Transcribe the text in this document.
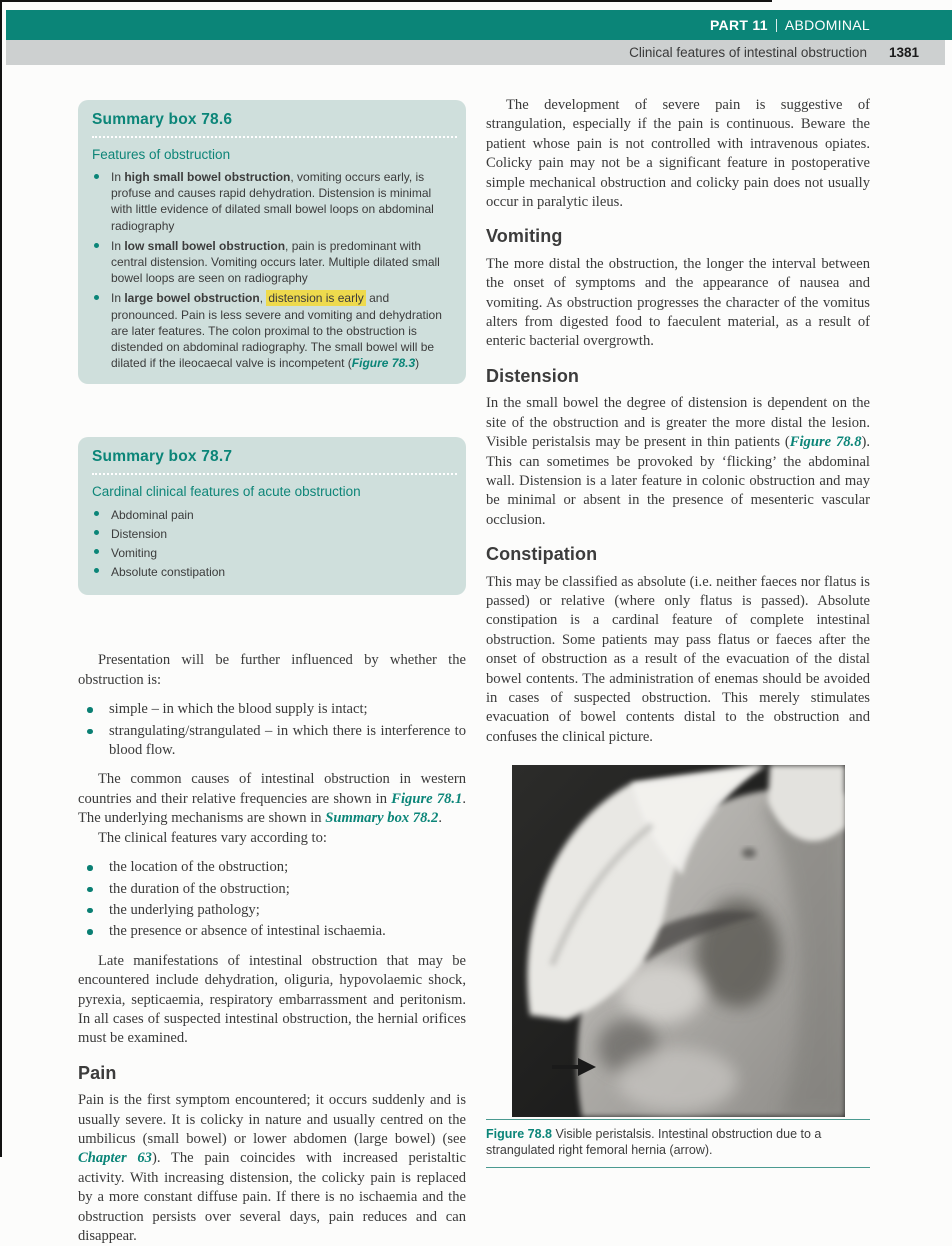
PART 11 ABDOMINAL
Clinical features of intestinal obstruction 1381
Summary box 78.6
Features of obstruction
In high small bowel obstruction, vomiting occurs early, is profuse and causes rapid dehydration. Distension is minimal with little evidence of dilated small bowel loops on abdominal radiography
In low small bowel obstruction, pain is predominant with central distension. Vomiting occurs later. Multiple dilated small bowel loops are seen on radiography
In large bowel obstruction, distension is early and pronounced. Pain is less severe and vomiting and dehydration are later features. The colon proximal to the obstruction is distended on abdominal radiography. The small bowel will be dilated if the ileocaecal valve is incompetent (Figure 78.3)
Summary box 78.7
Cardinal clinical features of acute obstruction
Abdominal pain
Distension
Vomiting
Absolute constipation

Presentation will be further influenced by whether the obstruction is:

simple – in which the blood supply is intact;
strangulating/strangulated – in which there is interference to blood flow.

The common causes of intestinal obstruction in western countries and their relative frequencies are shown in Figure 78.1. The underlying mechanisms are shown in Summary box 78.2.

The clinical features vary according to:

the location of the obstruction;
the duration of the obstruction;
the underlying pathology;
the presence or absence of intestinal ischaemia.

Late manifestations of intestinal obstruction that may be encountered include dehydration, oliguria, hypovolaemic shock, pyrexia, septicaemia, respiratory embarrassment and peritonism. In all cases of suspected intestinal obstruction, the hernial orifices must be examined.

Pain

Pain is the first symptom encountered; it occurs suddenly and is usually severe. It is colicky in nature and usually centred on the umbilicus (small bowel) or lower abdomen (large bowel) (see Chapter 63). The pain coincides with increased peristaltic activity. With increasing distension, the colicky pain is replaced by a more constant diffuse pain. If there is no ischaemia and the obstruction persists over several days, pain reduces and can disappear.

The development of severe pain is suggestive of strangulation, especially if the pain is continuous. Beware the patient whose pain is not controlled with intravenous opiates. Colicky pain may not be a significant feature in postoperative simple mechanical obstruction and colicky pain does not usually occur in paralytic ileus.

Vomiting

The more distal the obstruction, the longer the interval between the onset of symptoms and the appearance of nausea and vomiting. As obstruction progresses the character of the vomitus alters from digested food to faeculent material, as a result of enteric bacterial overgrowth.

Distension

In the small bowel the degree of distension is dependent on the site of the obstruction and is greater the more distal the lesion. Visible peristalsis may be present in thin patients (Figure 78.8). This can sometimes be provoked by ‘flicking’ the abdominal wall. Distension is a later feature in colonic obstruction and may be minimal or absent in the presence of mesenteric vascular occlusion.

Constipation

This may be classified as absolute (i.e. neither faeces nor flatus is passed) or relative (where only flatus is passed). Absolute constipation is a cardinal feature of complete intestinal obstruction. Some patients may pass flatus or faeces after the onset of obstruction as a result of the evacuation of the distal bowel contents. The administration of enemas should be avoided in cases of suspected obstruction. This merely stimulates evacuation of bowel contents distal to the obstruction and confuses the clinical picture.

Figure 78.8 Visible peristalsis. Intestinal obstruction due to a strangulated right femoral hernia (arrow).
